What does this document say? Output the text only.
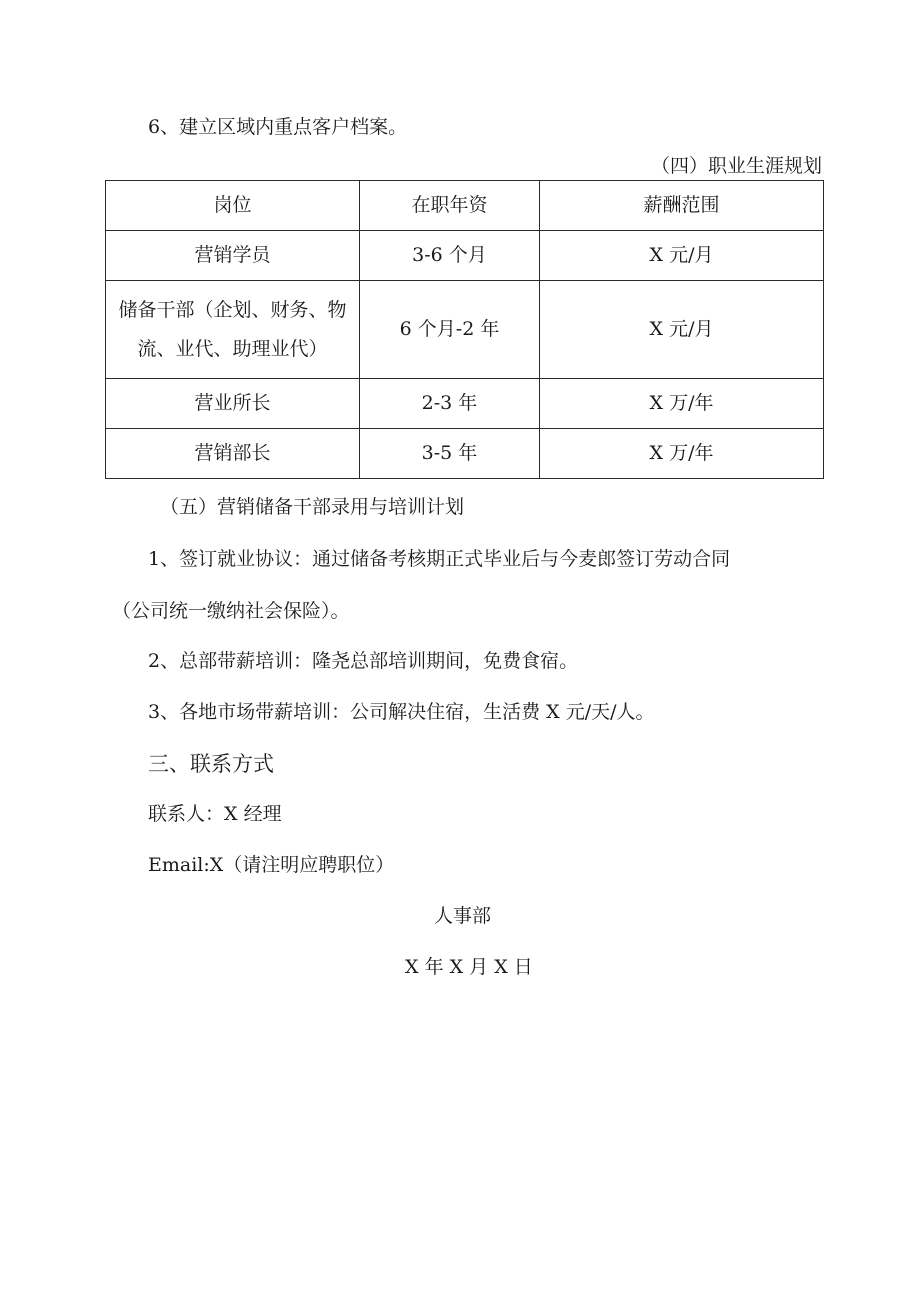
6、建立区域内重点客户档案。
（四）职业生涯规划
岗位	在职年资	薪酬范围

营销学员	3-6 个月	X 元/月

储备干部（企划、财务、物
流、业代、助理业代）	6 个月-2 年	X 元/月

营业所长	2-3 年	X 万/年

营销部长	3-5 年	X 万/年
（五）营销储备干部录用与培训计划
1、签订就业协议：通过储备考核期正式毕业后与今麦郎签订劳动合同
（公司统一缴纳社会保险）。
2、总部带薪培训：隆尧总部培训期间，免费食宿。
3、各地市场带薪培训：公司解决住宿，生活费 X 元/天/人。
三、联系方式
联系人：X 经理
Email:X（请注明应聘职位）
人事部
X 年 X 月 X 日
